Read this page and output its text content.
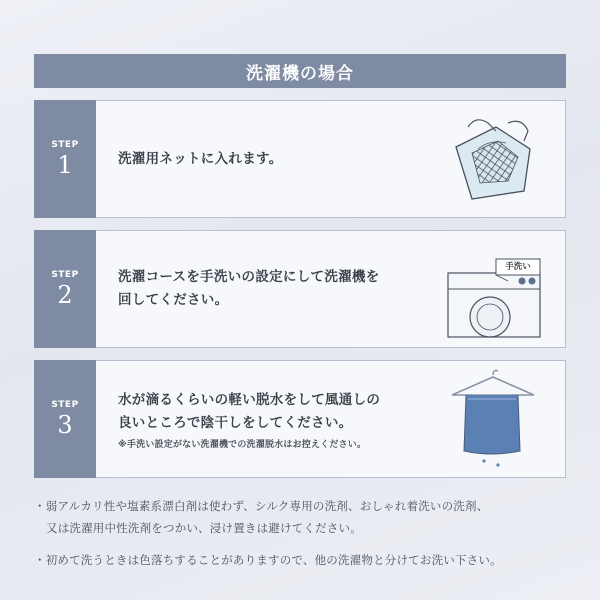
洗濯機の場合
STEP
1	洗濯用ネットに入れます。
STEP
2
洗濯コースを手洗いの設定にして洗濯機を
回してください。
手洗い
STEP
3
水が滴るくらいの軽い脱水をして風通しの
良いところで陰干しをしてください。
※手洗い設定がない洗濯機での洗濯脱水はお控えください。
・弱アルカリ性や塩素系漂白剤は使わず、シルク専用の洗剤、おしゃれ着洗いの洗剤、
又は洗濯用中性洗剤をつかい、浸け置きは避けてください。
・初めて洗うときは色落ちすることがありますので、他の洗濯物と分けてお洗い下さい。
